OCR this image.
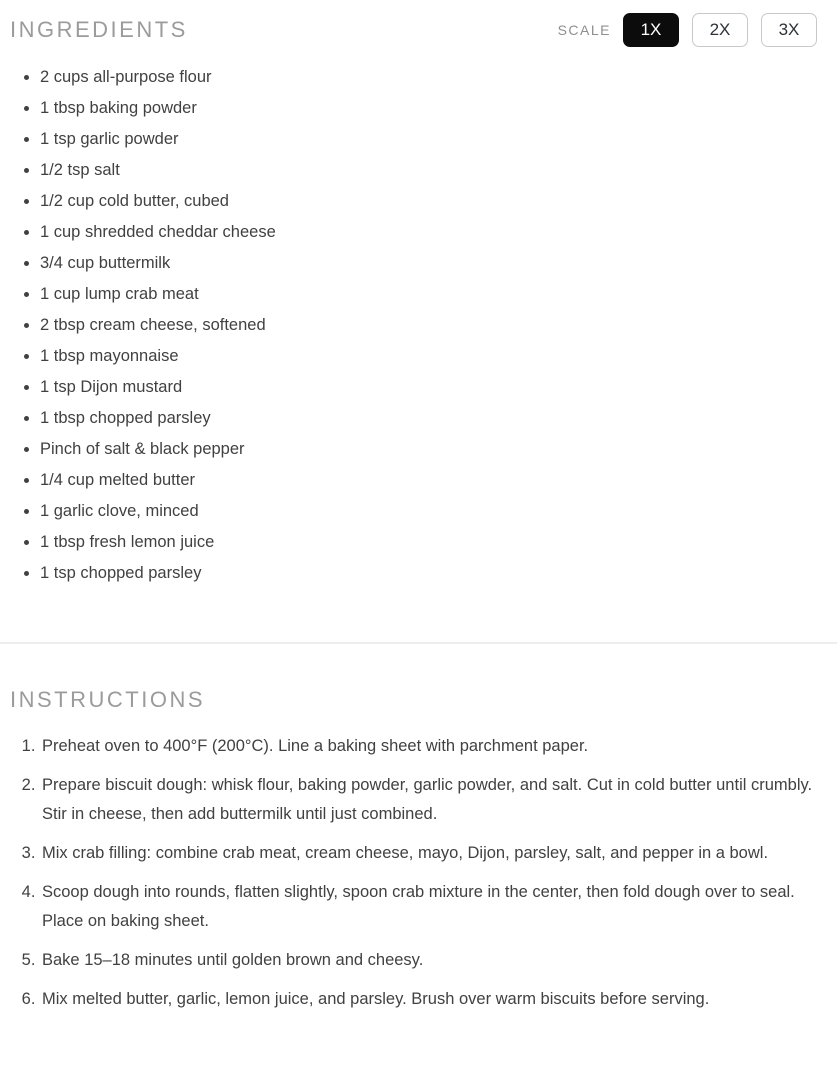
INGREDIENTS	SCALE	1X	2X	3X
• 2 cups all-purpose flour
• 1 tbsp baking powder
• 1 tsp garlic powder
• 1/2 tsp salt
• 1/2 cup cold butter, cubed
• 1 cup shredded cheddar cheese
• 3/4 cup buttermilk
• 1 cup lump crab meat
• 2 tbsp cream cheese, softened
• 1 tbsp mayonnaise
• 1 tsp Dijon mustard
• 1 tbsp chopped parsley
• Pinch of salt & black pepper
• 1/4 cup melted butter
• 1 garlic clove, minced
• 1 tbsp fresh lemon juice
• 1 tsp chopped parsley
INSTRUCTIONS
1. Preheat oven to 400°F (200°C). Line a baking sheet with parchment paper.
2. Prepare biscuit dough: whisk flour, baking powder, garlic powder, and salt. Cut in cold butter until crumbly. Stir in cheese, then add buttermilk until just combined.
3. Mix crab filling: combine crab meat, cream cheese, mayo, Dijon, parsley, salt, and pepper in a bowl.
4. Scoop dough into rounds, flatten slightly, spoon crab mixture in the center, then fold dough over to seal. Place on baking sheet.
5. Bake 15–18 minutes until golden brown and cheesy.
6. Mix melted butter, garlic, lemon juice, and parsley. Brush over warm biscuits before serving.
